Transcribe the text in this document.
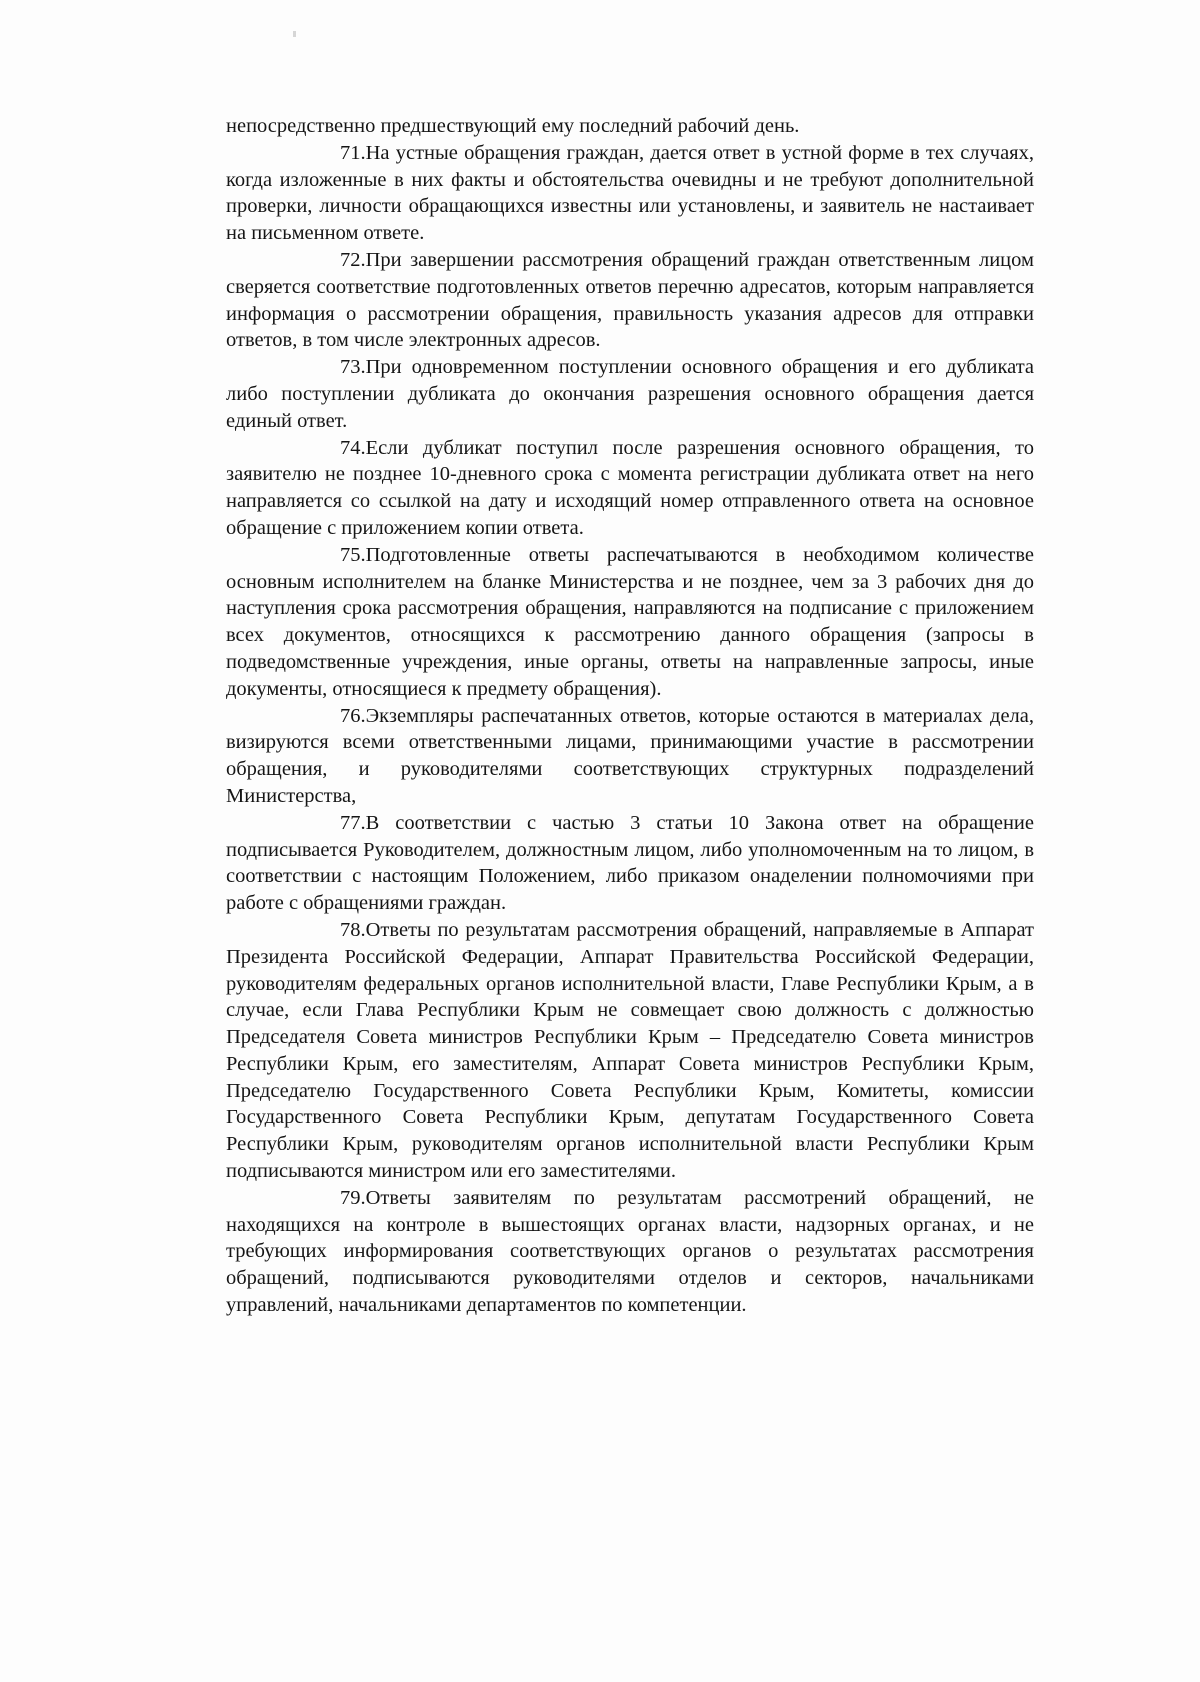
непосредственно предшествующий ему последний рабочий день.

71.На устные обращения граждан, дается ответ в устной форме в тех случаях, когда изложенные в них факты и обстоятельства очевидны и не требуют дополнительной проверки, личности обращающихся известны или установлены, и заявитель не настаивает на письменном ответе.

72.При завершении рассмотрения обращений граждан ответственным лицом сверяется соответствие подготовленных ответов перечню адресатов, которым направляется информация о рассмотрении обращения, правильность указания адресов для отправки ответов, в том числе электронных адресов.

73.При одновременном поступлении основного обращения и его дубликата либо поступлении дубликата до окончания разрешения основного обращения дается единый ответ.

74.Если дубликат поступил после разрешения основного обращения, то заявителю не позднее 10-дневного срока с момента регистрации дубликата ответ на него направляется со ссылкой на дату и исходящий номер отправленного ответа на основное обращение с приложением копии ответа.

75.Подготовленные ответы распечатываются в необходимом количестве основным исполнителем на бланке Министерства и не позднее, чем за 3 рабочих дня до наступления срока рассмотрения обращения, направляются на подписание с приложением всех документов, относящихся к рассмотрению данного обращения (запросы в подведомственные учреждения, иные органы, ответы на направленные запросы, иные документы, относящиеся к предмету обращения).

76.Экземпляры распечатанных ответов, которые остаются в материалах дела, визируются всеми ответственными лицами, принимающими участие в рассмотрении обращения, и руководителями соответствующих структурных подразделений Министерства,

77.В соответствии с частью 3 статьи 10 Закона ответ на обращение подписывается Руководителем, должностным лицом, либо уполномоченным на то лицом, в соответствии с настоящим Положением, либо приказом онаделении полномочиями при работе с обращениями граждан.

78.Ответы по результатам рассмотрения обращений, направляемые в Аппарат Президента Российской Федерации, Аппарат Правительства Российской Федерации, руководителям федеральных органов исполнительной власти, Главе Республики Крым, а в случае, если Глава Республики Крым не совмещает свою должность с должностью Председателя Совета министров Республики Крым – Председателю Совета министров Республики Крым, его заместителям, Аппарат Совета министров Республики Крым, Председателю Государственного Совета Республики Крым, Комитеты, комиссии Государственного Совета Республики Крым, депутатам Государственного Совета Республики Крым, руководителям органов исполнительной власти Республики Крым подписываются министром или его заместителями.

79.Ответы заявителям по результатам рассмотрений обращений, не находящихся на контроле в вышестоящих органах власти, надзорных органах, и не требующих информирования соответствующих органов о результатах рассмотрения обращений, подписываются руководителями отделов и секторов, начальниками управлений, начальниками департаментов по компетенции.
